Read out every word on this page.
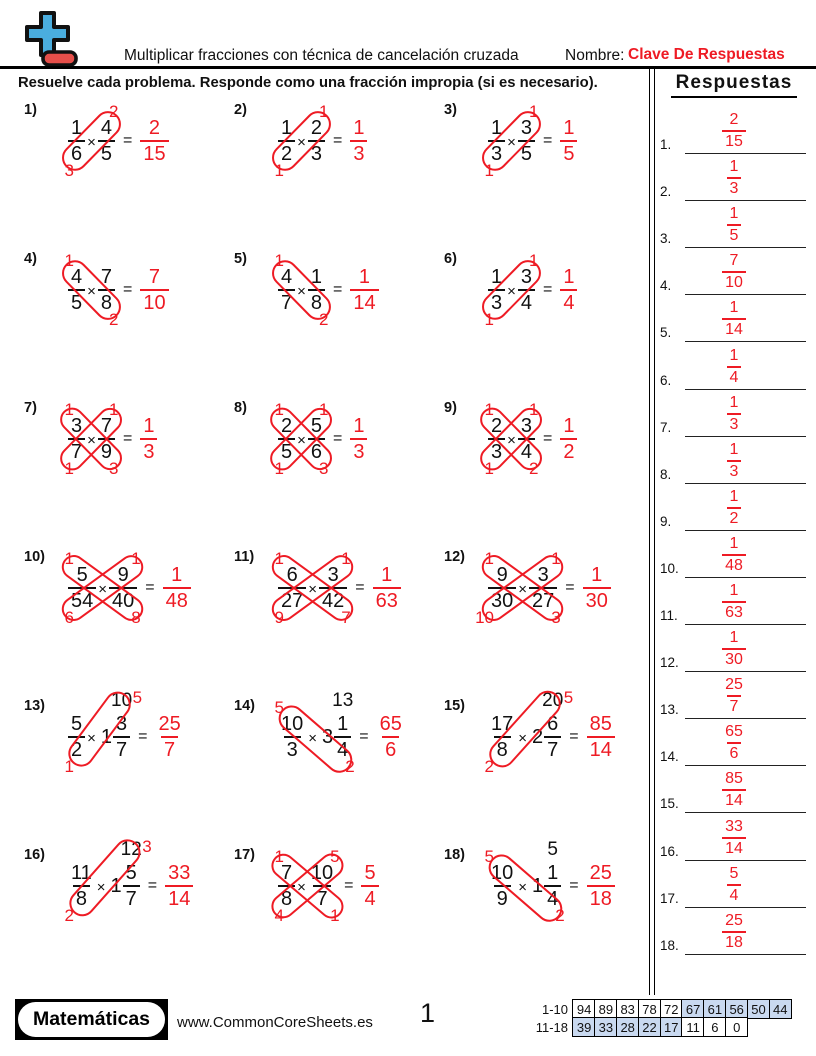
Multiplicar fracciones con técnica de cancelación cruzada	Nombre: Clave De Respuestas
Resuelve cada problema. Responde como una fracción impropia (si es necesario).	Respuestas
1.
$\frac{2}{15}$
2.
$\frac{1}{3}$
3.
$\frac{1}{5}$
4.
$\frac{7}{10}$
5.
$\frac{1}{14}$
6.
$\frac{1}{4}$
7.
$\frac{1}{3}$
8.
$\frac{1}{3}$
9.
$\frac{1}{2}$
10.
$\frac{1}{48}$
11.
$\frac{1}{63}$
12.
$\frac{1}{30}$
13.
$\frac{25}{7}$
14.
$\frac{65}{6}$
15.
$\frac{85}{14}$
16.
$\frac{33}{14}$
17.
$\frac{5}{4}$
18.
$\frac{25}{18}$
1)
$\frac{1}{6} \times \frac{4}{5}$
2
3
= $\frac{2}{15}$
2)
$\frac{1}{2} \times \frac{2}{3}$
1
1
= $\frac{1}{3}$
3)
$\frac{1}{3} \times \frac{3}{5}$
1
1
= $\frac{1}{5}$
4)
$\frac{4}{5} \times \frac{7}{8}$
1
2
= $\frac{7}{10}$
5)
$\frac{4}{7} \times \frac{1}{8}$
1
2
= $\frac{1}{14}$
6)
$\frac{1}{3} \times \frac{3}{4}$
1
1
= $\frac{1}{4}$
7)
$\frac{3}{7} \times \frac{7}{9}$
1 1
1 3
= $\frac{1}{3}$
8)
$\frac{2}{5} \times \frac{5}{6}$
1 1
1 3
= $\frac{1}{3}$
9)
$\frac{2}{3} \times \frac{3}{4}$
1 1
1 2
= $\frac{1}{2}$
10)
$\frac{5}{54} \times \frac{9}{40}$
1	1
6	8
= $\frac{1}{48}$
11)
$\frac{6}{27} \times \frac{3}{42}$
1	1
9	7
= $\frac{1}{63}$
12)
$\frac{9}{30} \times \frac{3}{27}$
1	1
10	3
= $\frac{1}{30}$
13)
$\frac{5}{2} \times 1$
10
$\frac{3}{7}$
5
1
= $\frac{25}{7}$
14)
$\frac{10}{3} \times 3$
13
$\frac{1}{4}$
5
2
= $\frac{65}{6}$
15)
$\frac{17}{8} \times 2$
20
$\frac{6}{7}$
5
2
= $\frac{85}{14}$
16)
$\frac{11}{8} \times 1$
12
$\frac{5}{7}$
3
2
= $\frac{33}{14}$
17)
$\frac{7}{8} \times \frac{10}{7}$
1	5
4	1
= $\frac{5}{4}$
18)
$\frac{10}{9} \times 1$
5
$\frac{1}{4}$
5
2
= $\frac{25}{18}$
Matemáticas	www.CommonCoreSheets.es 1	1-10 94 89 83 78 72 67 61 56 50 44
11-18 39 33 28 22 17 11 6	0
